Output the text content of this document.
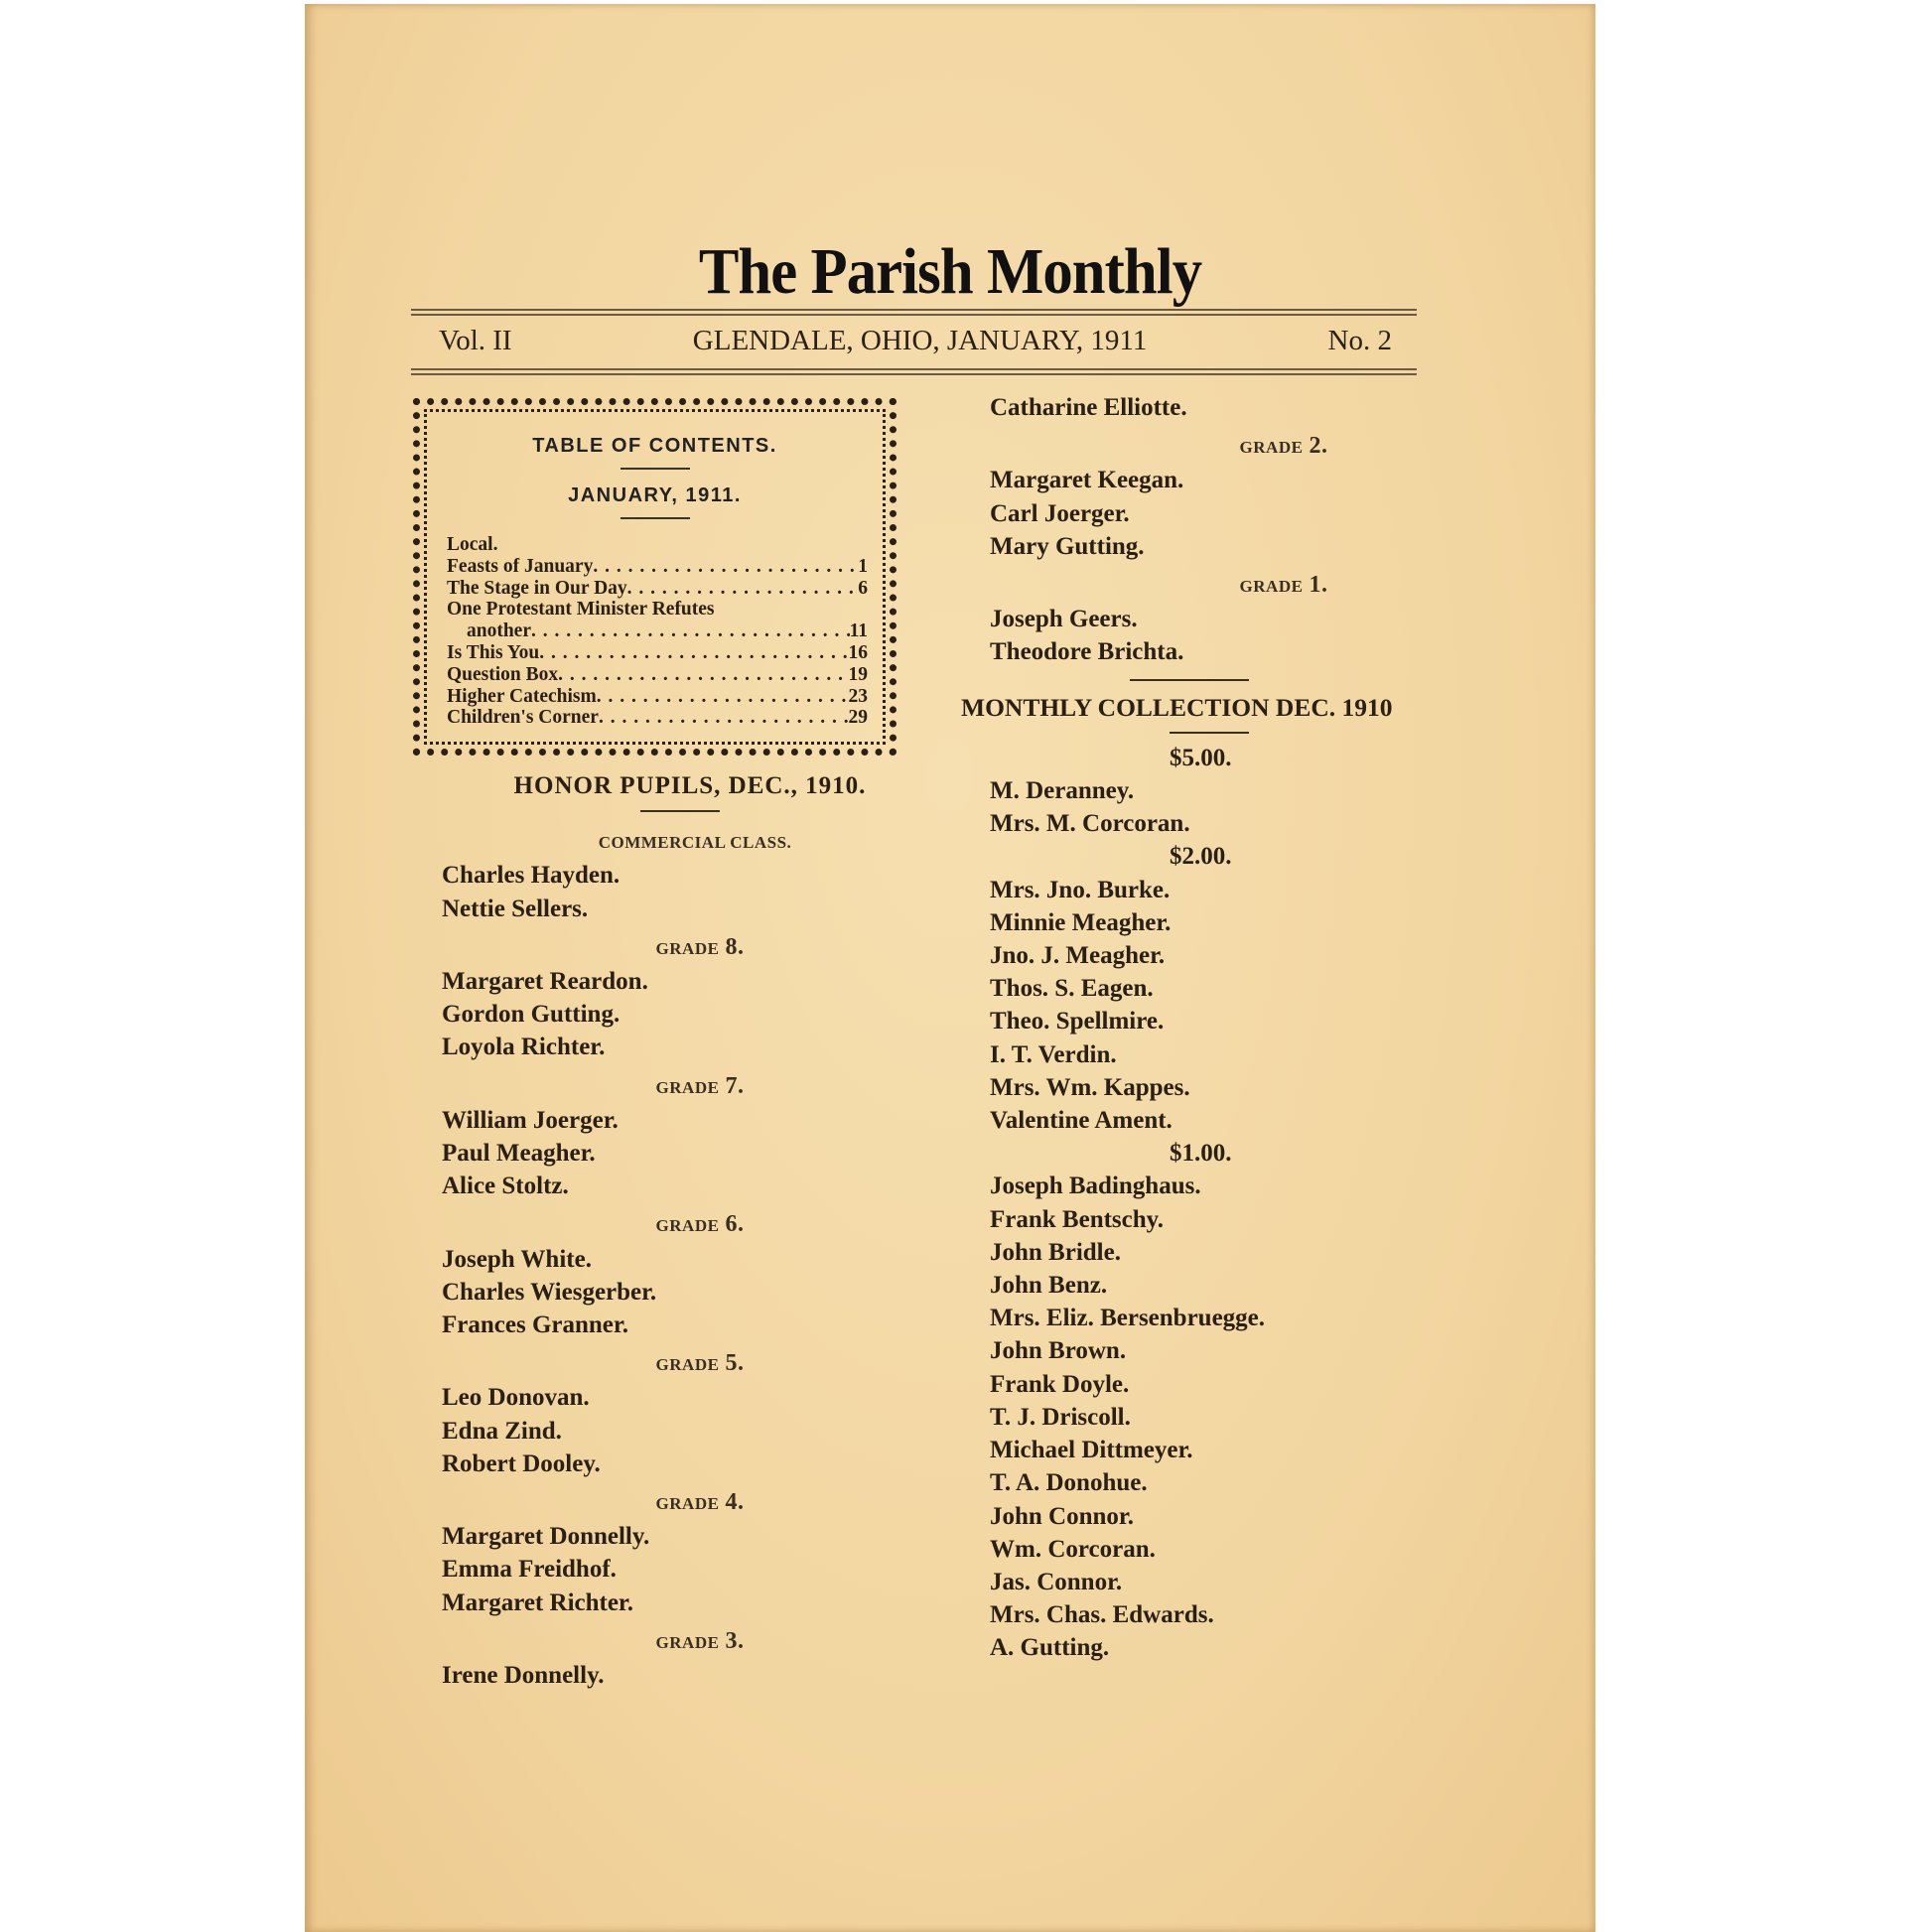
The Parish Monthly
Vol. II	GLENDALE, OHIO, JANUARY, 1911	No. 2
TABLE OF CONTENTS.
JANUARY, 1911.
Local.
Feasts of January . . .	1
The Stage in Our Day . . .	6
One Protestant Minister Refutes
another . . .	11
Is This You . . .	16
Question Box . . .	19
Higher Catechism . . .	23
Children's Corner . . .	29
HONOR PUPILS, DEC., 1910.
COMMERCIAL CLASS.
Charles Hayden.
Nettie Sellers.
GRADE 8.
Margaret Reardon.
Gordon Gutting.
Loyola Richter.
GRADE 7.
William Joerger.
Paul Meagher.
Alice Stoltz.
GRADE 6.
Joseph White.
Charles Wiesgerber.
Frances Granner.
GRADE 5.
Leo Donovan.
Edna Zind.
Robert Dooley.
GRADE 4.
Margaret Donnelly.
Emma Freidhof.
Margaret Richter.
GRADE 3.
Irene Donnelly.
Catharine Elliotte.
GRADE 2.
Margaret Keegan.
Carl Joerger.
Mary Gutting.
GRADE 1.
Joseph Geers.
Theodore Brichta.
MONTHLY COLLECTION DEC. 1910
$5.00.
M. Deranney.
Mrs. M. Corcoran.
$2.00.
Mrs. Jno. Burke.
Minnie Meagher.
Jno. J. Meagher.
Thos. S. Eagen.
Theo. Spellmire.
I. T. Verdin.
Mrs. Wm. Kappes.
Valentine Ament.
$1.00.
Joseph Badinghaus.
Frank Bentschy.
John Bridle.
John Benz.
Mrs. Eliz. Bersenbruegge.
John Brown.
Frank Doyle.
T. J. Driscoll.
Michael Dittmeyer.
T. A. Donohue.
John Connor.
Wm. Corcoran.
Jas. Connor.
Mrs. Chas. Edwards.
A. Gutting.
